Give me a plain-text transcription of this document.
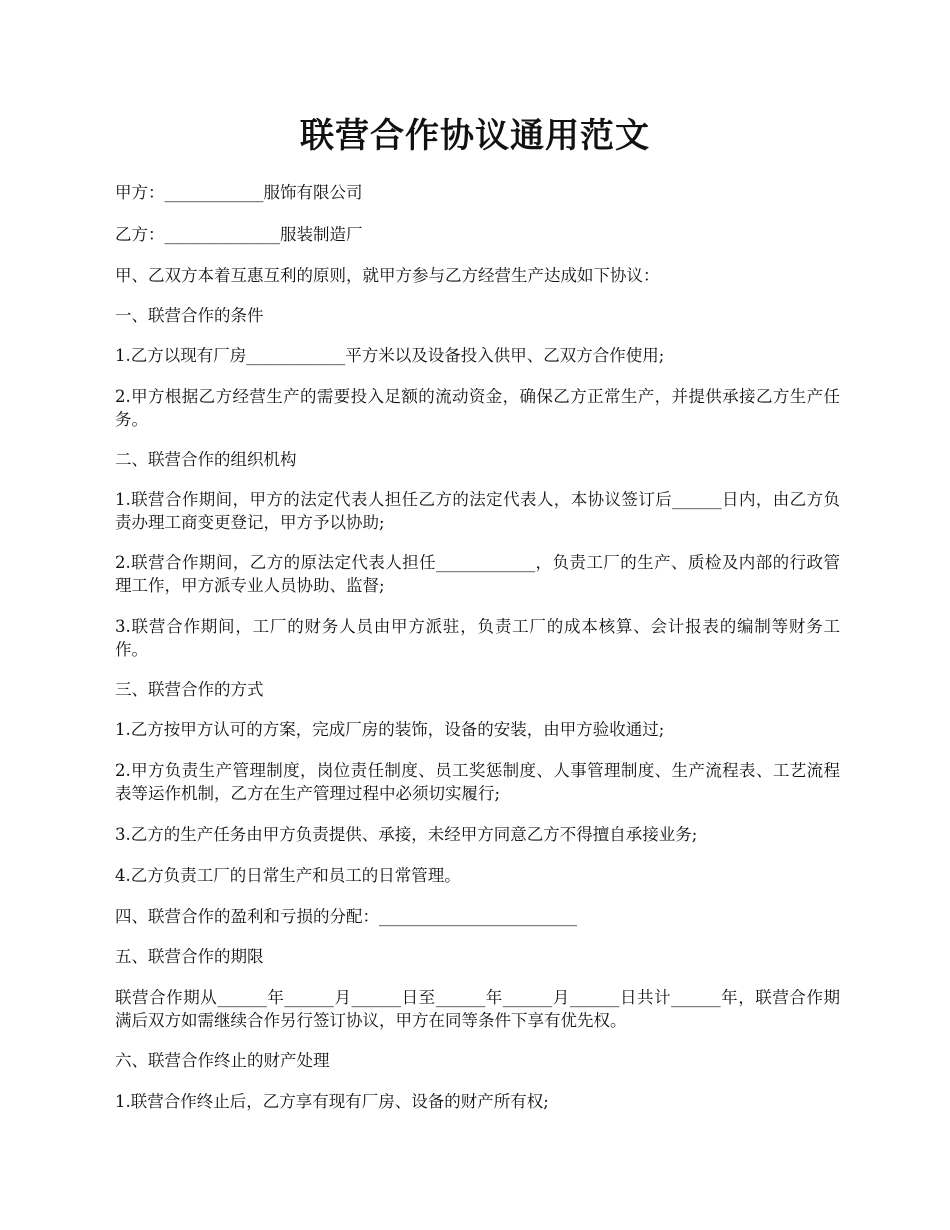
联营合作协议通用范文

甲方：____________服饰有限公司

乙方：______________服装制造厂

甲、乙双方本着互惠互利的原则，就甲方参与乙方经营生产达成如下协议：

一、联营合作的条件

1.乙方以现有厂房____________平方米以及设备投入供甲、乙双方合作使用;

2.甲方根据乙方经营生产的需要投入足额的流动资金，确保乙方正常生产，并提供承接乙方生产任务。

二、联营合作的组织机构

1.联营合作期间，甲方的法定代表人担任乙方的法定代表人，本协议签订后______日内，由乙方负责办理工商变更登记，甲方予以协助;

2.联营合作期间，乙方的原法定代表人担任____________，负责工厂的生产、质检及内部的行政管理工作，甲方派专业人员协助、监督;

3.联营合作期间，工厂的财务人员由甲方派驻，负责工厂的成本核算、会计报表的编制等财务工作。

三、联营合作的方式

1.乙方按甲方认可的方案，完成厂房的装饰，设备的安装，由甲方验收通过;

2.甲方负责生产管理制度，岗位责任制度、员工奖惩制度、人事管理制度、生产流程表、工艺流程表等运作机制，乙方在生产管理过程中必须切实履行;

3.乙方的生产任务由甲方负责提供、承接，未经甲方同意乙方不得擅自承接业务;

4.乙方负责工厂的日常生产和员工的日常管理。

四、联营合作的盈利和亏损的分配：________________________

五、联营合作的期限

联营合作期从______年______月______日至______年______月______日共计______年，联营合作期满后双方如需继续合作另行签订协议，甲方在同等条件下享有优先权。

六、联营合作终止的财产处理

1.联营合作终止后，乙方享有现有厂房、设备的财产所有权;
